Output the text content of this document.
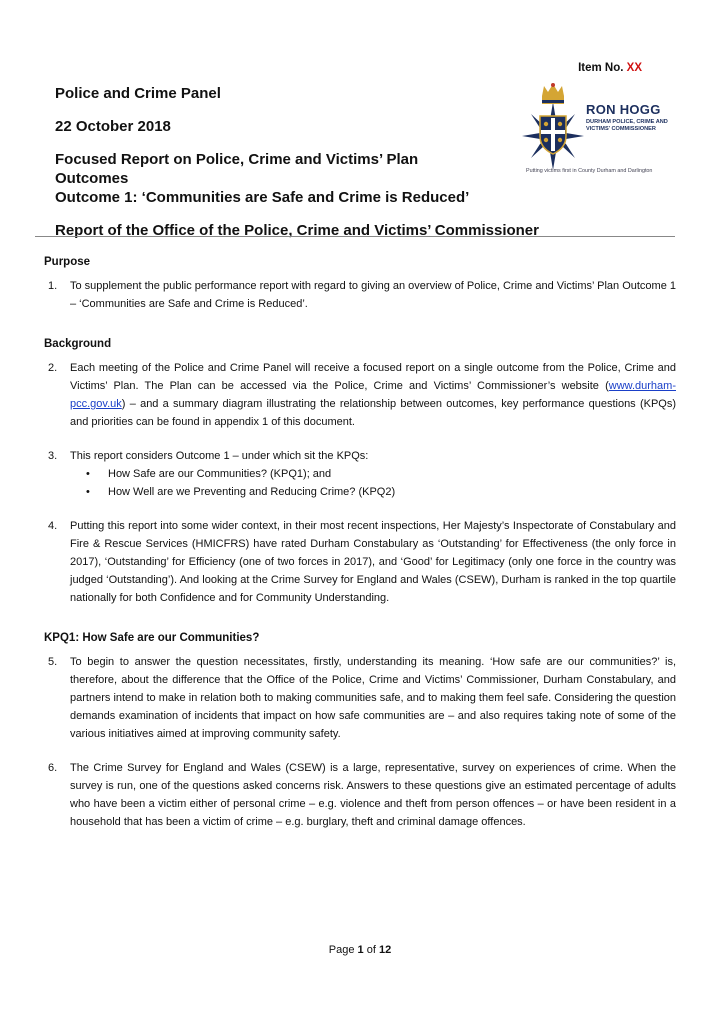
Item No. XX
Police and Crime Panel
22 October 2018
Focused Report on Police, Crime and Victims’ Plan Outcomes
Outcome 1: ‘Communities are Safe and Crime is Reduced’
Report of the Office of the Police, Crime and Victims’ Commissioner
RON HOGG
DURHAM POLICE, CRIME AND VICTIMS’ COMMISSIONER
Putting victims first in County Durham and Darlington

Purpose

1.	To supplement the public performance report with regard to giving an overview of Police, Crime and Victims’ Plan Outcome 1 – ‘Communities are Safe and Crime is Reduced’.

Background

2.	Each meeting of the Police and Crime Panel will receive a focused report on a single outcome from the Police, Crime and Victims’ Plan. The Plan can be accessed via the Police, Crime and Victims’ Commissioner’s website (www.durham-pcc.gov.uk) – and a summary diagram illustrating the relationship between outcomes, key performance questions (KPQs) and priorities can be found in appendix 1 of this document.
3.	This report considers Outcome 1 – under which sit the KPQs:
•	How Safe are our Communities? (KPQ1); and
•	How Well are we Preventing and Reducing Crime? (KPQ2)
4.	Putting this report into some wider context, in their most recent inspections, Her Majesty’s Inspectorate of Constabulary and Fire & Rescue Services (HMICFRS) have rated Durham Constabulary as ‘Outstanding’ for Effectiveness (the only force in 2017), ‘Outstanding’ for Efficiency (one of two forces in 2017), and ‘Good’ for Legitimacy (only one force in the country was judged ‘Outstanding’). And looking at the Crime Survey for England and Wales (CSEW), Durham is ranked in the top quartile nationally for both Confidence and for Community Understanding.

KPQ1: How Safe are our Communities?

5.	To begin to answer the question necessitates, firstly, understanding its meaning. ‘How safe are our communities?’ is, therefore, about the difference that the Office of the Police, Crime and Victims’ Commissioner, Durham Constabulary, and partners intend to make in relation both to making communities safe, and to making them feel safe. Considering the question demands examination of incidents that impact on how safe communities are – and also requires taking note of some of the various initiatives aimed at improving community safety.
6.	The Crime Survey for England and Wales (CSEW) is a large, representative, survey on experiences of crime. When the survey is run, one of the questions asked concerns risk. Answers to these questions give an estimated percentage of adults who have been a victim either of personal crime – e.g. violence and theft from person offences – or have been resident in a household that has been a victim of crime – e.g. burglary, theft and criminal damage offences.
Page 1 of 12
